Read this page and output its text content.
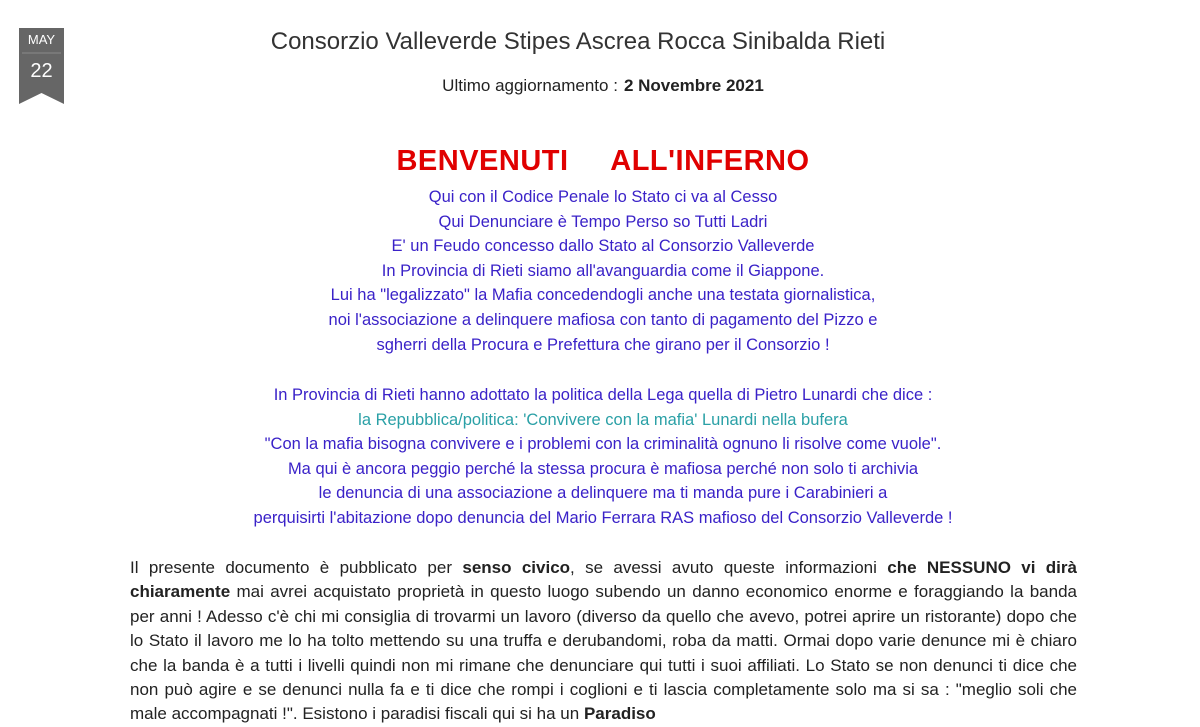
MAY
22
Consorzio Valleverde Stipes Ascrea Rocca Sinibalda Rieti
Ultimo aggiornamento : 2 Novembre 2021
BENVENUTI     ALL'INFERNO
Qui con il Codice Penale lo Stato ci va al Cesso
Qui Denunciare è Tempo Perso so Tutti Ladri
E' un Feudo concesso dallo Stato al Consorzio Valleverde
In Provincia di Rieti siamo all'avanguardia come il Giappone.
Lui ha "legalizzato" la Mafia concedendogli anche una testata giornalistica,
noi l'associazione a delinquere mafiosa con tanto di pagamento del Pizzo e
sgherri della Procura e Prefettura che girano per il Consorzio !
In Provincia di Rieti hanno adottato la politica della Lega quella di Pietro Lunardi che dice :
la Repubblica/politica: 'Convivere con la mafia' Lunardi nella bufera
"Con la mafia bisogna convivere e i problemi con la criminalità ognuno li risolve come vuole".
Ma qui è ancora peggio perché la stessa procura è mafiosa perché non solo ti archivia
le denuncia di una associazione a delinquere ma ti manda pure i Carabinieri a
perquisirti l'abitazione dopo denuncia del Mario Ferrara RAS mafioso del Consorzio Valleverde !

Il presente documento è pubblicato per senso civico, se avessi avuto queste informazioni che NESSUNO vi dirà chiaramente mai avrei acquistato proprietà in questo luogo subendo un danno economico enorme e foraggiando la banda per anni ! Adesso c'è chi mi consiglia di trovarmi un lavoro (diverso da quello che avevo, potrei aprire un ristorante) dopo che lo Stato il lavoro me lo ha tolto mettendo su una truffa e derubandomi, roba da matti. Ormai dopo varie denunce mi è chiaro che la banda è a tutti i livelli quindi non mi rimane che denunciare qui tutti i suoi affiliati. Lo Stato se non denunci ti dice che non può agire e se denunci nulla fa e ti dice che rompi i coglioni e ti lascia completamente solo ma si sa : "meglio soli che male accompagnati !". Esistono i paradisi fiscali qui si ha un Paradiso
